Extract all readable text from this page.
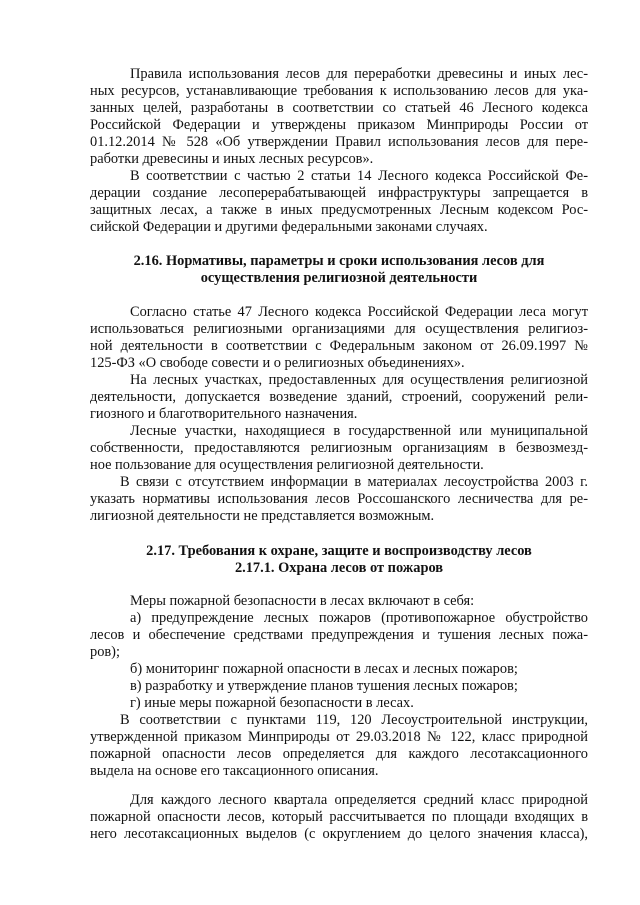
Правила использования лесов для переработки древесины и иных лес-
ных ресурсов, устанавливающие требования к использованию лесов для ука-
занных целей, разработаны в соответствии со статьей 46 Лесного кодекса
Российской Федерации и утверждены приказом Минприроды России от
01.12.2014 № 528 «Об утверждении Правил использования лесов для пере-
работки древесины и иных лесных ресурсов».
В соответствии с частью 2 статьи 14 Лесного кодекса Российской Фе-
дерации создание лесоперерабатывающей инфраструктуры запрещается в
защитных лесах, а также в иных предусмотренных Лесным кодексом Рос-
сийской Федерации и другими федеральными законами случаях.
2.16. Нормативы, параметры и сроки использования лесов для
осуществления религиозной деятельности
Согласно статье 47 Лесного кодекса Российской Федерации леса могут
использоваться религиозными организациями для осуществления религиоз-
ной деятельности в соответствии с Федеральным законом от 26.09.1997 №
125-ФЗ «О свободе совести и о религиозных объединениях».
На лесных участках, предоставленных для осуществления религиозной
деятельности, допускается возведение зданий, строений, сооружений рели-
гиозного и благотворительного назначения.
Лесные участки, находящиеся в государственной или муниципальной
собственности, предоставляются религиозным организациям в безвозмезд-
ное пользование для осуществления религиозной деятельности.
В связи с отсутствием информации в материалах лесоустройства 2003 г.
указать нормативы использования лесов Россошанского лесничества для ре-
лигиозной деятельности не представляется возможным.
2.17. Требования к охране, защите и воспроизводству лесов
2.17.1. Охрана лесов от пожаров
Меры пожарной безопасности в лесах включают в себя:
а) предупреждение лесных пожаров (противопожарное обустройство
лесов и обеспечение средствами предупреждения и тушения лесных пожа-
ров);
б) мониторинг пожарной опасности в лесах и лесных пожаров;
в) разработку и утверждение планов тушения лесных пожаров;
г) иные меры пожарной безопасности в лесах.
В соответствии с пунктами 119, 120 Лесоустроительной инструкции,
утвержденной приказом Минприроды от 29.03.2018 № 122, класс природной
пожарной опасности лесов определяется для каждого лесотаксационного
выдела на основе его таксационного описания.
Для каждого лесного квартала определяется средний класс природной
пожарной опасности лесов, который рассчитывается по площади входящих в
него лесотаксационных выделов (с округлением до целого значения класса),
